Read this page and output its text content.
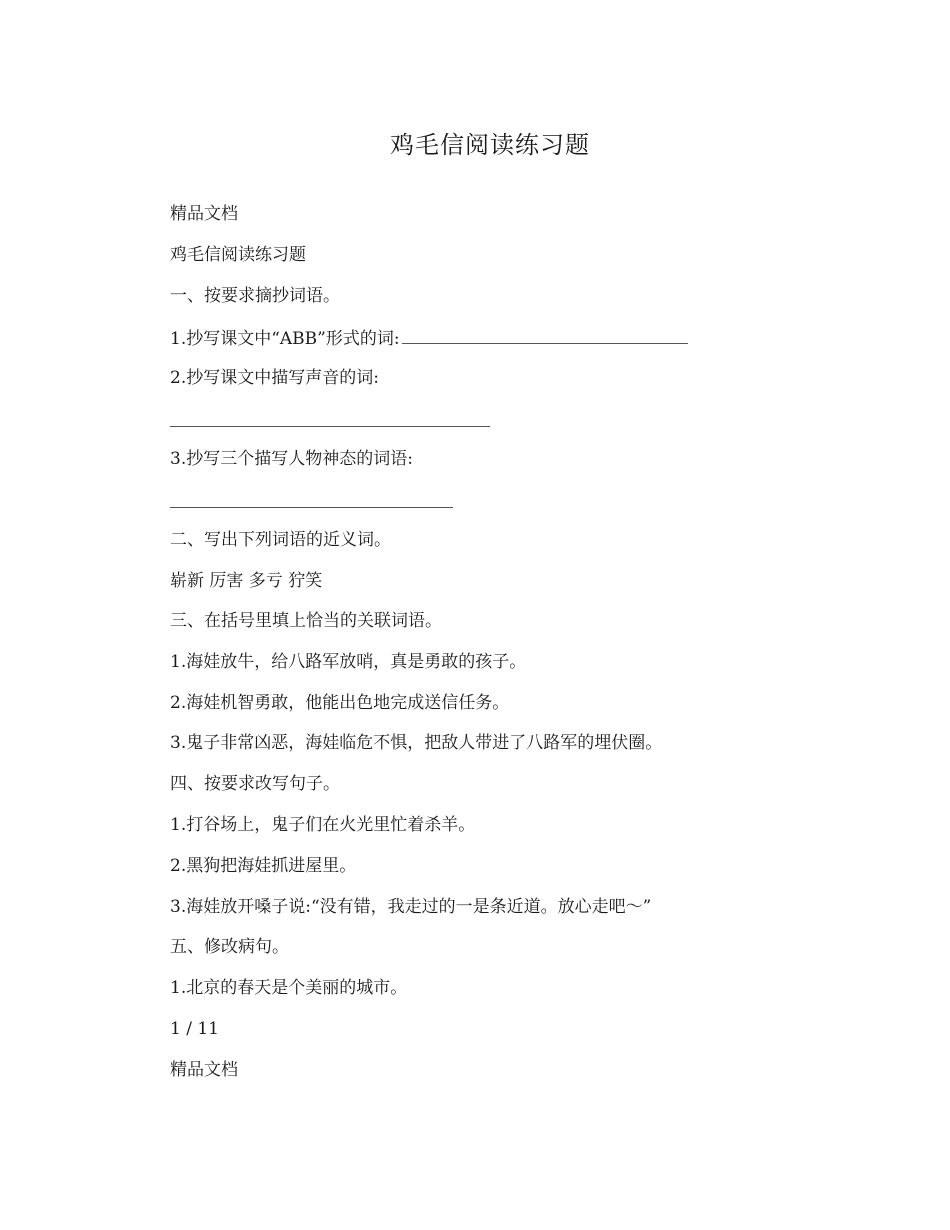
鸡毛信阅读练习题

精品文档

鸡毛信阅读练习题

一、按要求摘抄词语。

1.抄写课文中“ABB”形式的词:

2.抄写课文中描写声音的词:

3.抄写三个描写人物神态的词语:

二、写出下列词语的近义词。

崭新 厉害 多亏 狞笑

三、在括号里填上恰当的关联词语。

1.海娃放牛，给八路军放哨，真是勇敢的孩子。

2.海娃机智勇敢，他能出色地完成送信任务。

3.鬼子非常凶恶，海娃临危不惧，把敌人带进了八路军的埋伏圈。

四、按要求改写句子。

1.打谷场上，鬼子们在火光里忙着杀羊。

2.黑狗把海娃抓进屋里。

3.海娃放开嗓子说:“没有错，我走过的一是条近道。放心走吧～”

五、修改病句。

1.北京的春天是个美丽的城市。

1 / 11

精品文档
